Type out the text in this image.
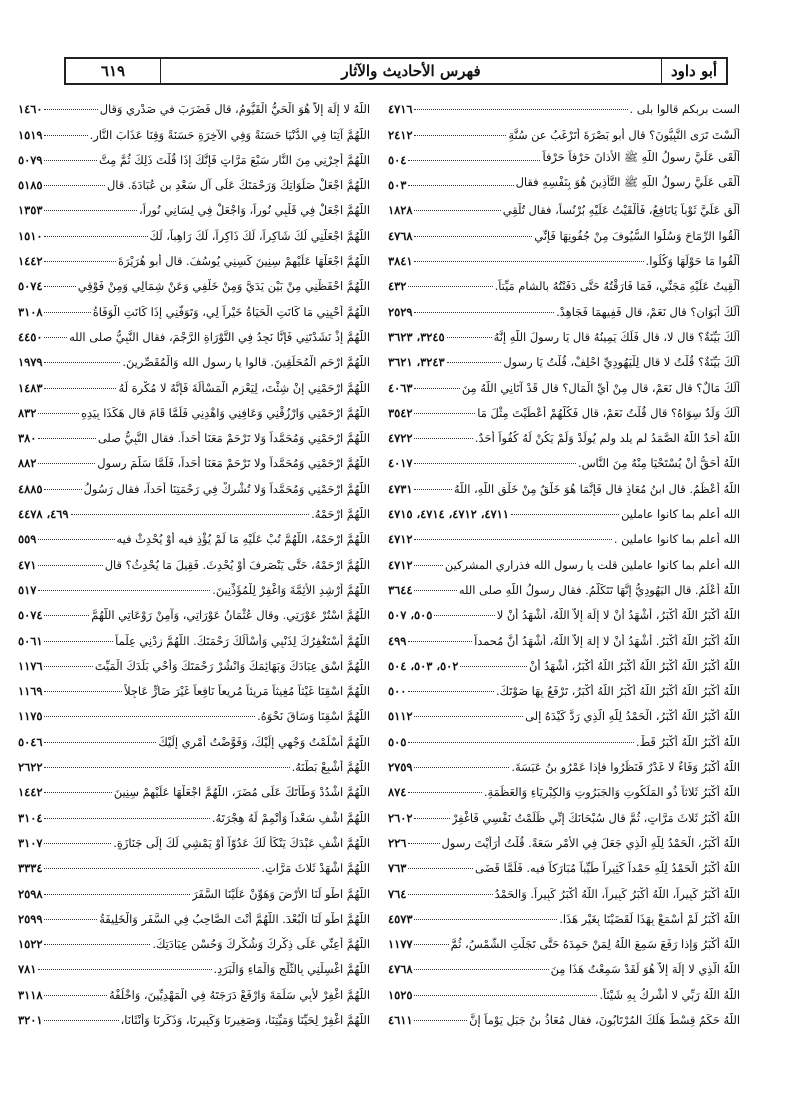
أبو داود
فهرس الأحاديث والآثار
٦١٩
الست بربكم قالوا بلى .
٤٧١٦
أَلَسْتَ تَرَى النَّبِيُّونَ؟ قال أبو بَصْرَةَ أَتَرْغَبُ عن سُنَّةِ
٢٤١٢
أَلْقَى عَلَيَّ رسولُ اللَّهِ ﷺ الأذانَ حَرْفاً حَرْفاً
٥٠٤
أَلْقَى عَلَيَّ رسولُ اللَّهِ ﷺ التَّأْذِينَ هُوَ بِنَفْسِهِ فقال
٥٠٣
أَلْقِ عَلَيَّ ثَوْباً يَانَافِعُ، فَأَلْقَيْتُ عَلَيْهِ بُرْنُساً، فقال تُلْقِي
١٨٢٨
أَلْقُوا الرِّمَاحَ وَسُلُّوا السُّيُوفَ مِنْ جُفُونِهَا فَإِنِّي
٤٧٦٨
أَلْقُوا مَا حَوْلَهَا وَكُلُوا.
٣٨٤١
أَلْقِيتُ عَلَيْهِ مَجَنِّي، فَمَا فَارَقْتُهُ حَتَّى دَفَنْتُهُ بالشام مَيِّتاً.
٤٣٢
أَلَكَ أَبَوَانِ؟ قال نَعَمْ، قال فَفِيهِمَا فَجَاهِدْ.
٢٥٢٩
أَلَكَ بَيِّنَةٌ؟ قال لا، قال فَلَكَ يَمِينُهُ قال يَا رسولَ اللَّهِ إِنَّهُ
٣٢٤٥، ٣٦٢٣
أَلَكَ بَيِّنَةٌ؟ قُلْتُ لا قال لِلْيَهُودِيِّ احْلِفْ، قُلْتُ يَا رسول
٣٢٤٣، ٣٦٢١
أَلَكَ مَالٌ؟ قال نَعَمْ، قال مِنْ أَيِّ الْمَالِ؟ قال قَدْ آتَانِي اللَّهُ مِنَ
٤٠٦٣
أَلَكَ وَلَدٌ سِوَاهُ؟ قال قُلْتُ نَعَمْ، قال فَكُلَّهُمْ أَعْطَيْتَ مِثْلَ مَا
٣٥٤٢
اللَّهُ أَحَدٌ اللَّهُ الصَّمَدُ لم يلد ولم يُولَدْ وَلَمْ يَكُنْ لَهُ كُفُواً أَحَدٌ.
٤٧٢٢
اللَّهُ أَحَقُّ أَنْ يُسْتَحْيَا مِنْهُ مِنَ النَّاسِ.
٤٠١٧
اللَّهُ أَعْظَمُ. قال ابنُ مُعَاذٍ قال فَإِنَّمَا هُوَ خَلْقٌ مِنْ خَلْقِ اللَّهِ، اللَّهُ
٤٧٣١
الله أعلم بما كانوا عاملين
٤٧١١، ٤٧١٢، ٤٧١٤، ٤٧١٥
الله أعلم بما كانوا عاملين .
٤٧١٢
الله أعلم بما كانوا عاملين قلت يا رسول الله فذراري المشركين
٤٧١٢
اللَّهُ أَعْلَمُ. قال اليَهُودِيُّ إِنَّهَا تَتَكَلَّمُ. فقال رسولُ اللَّهِ صلى الله
٣٦٤٤
اللَّهُ أَكْبَرُ اللَّهُ أَكْبَرُ، أَشْهَدُ أَنْ لا إِلَهَ إِلاَّ اللَّهُ، أَشْهَدُ أَنْ لا
٥٠٥، ٥٠٧
اللَّهُ أَكْبَرُ اللَّهُ أَكْبَرُ. أَشْهَدُ أَنْ لا إِلهَ إِلاَّ اللَّهُ، أَشْهَدُ أَنَّ مُحمداً
٤٩٩
اللَّهُ أَكْبَرُ اللَّهُ أَكْبَرُ اللَّهُ أَكْبَرُ اللَّهُ أَكْبَرُ، أَشْهَدُ أَنْ
٥٠٢، ٥٠٣، ٥٠٤
اللَّهُ أَكْبَرُ اللَّهُ أَكْبَرُ اللَّهُ أَكْبَرُ اللَّهُ أَكْبَرُ، تَرْفَعُ بِهَا صَوْتَكَ.
٥٠٠
اللَّهُ أَكْبَرُ اللَّهُ أَكْبَرُ، الْحَمْدُ لِلَّهِ الَّذِي رَدَّ كَيْدَهُ إِلى
٥١١٢
اللَّهُ أَكْبَرُ اللَّهُ أَكْبَرُ قَطْ.
٥٠٥
اللَّهُ أَكْبَرُ وَفَاءٌ لا غَدْرٌ فَنَظَرُوا فإذا عَمْرُو بنُ عَبَسَةَ.
٢٧٥٩
اللَّهُ أَكْبَرُ ثَلاثاً ذُو المَلَكُوتِ وَالجَبَرُوتِ وَالكِبْرِيَاءِ وَالعَظَمَةِ.
٨٧٤
اللَّهُ أَكْبَرُ ثَلاثَ مَرَّاتٍ، ثُمَّ قال سُبْحَانَكَ إِنِّي ظَلَمْتُ نَفْسِي فَاغْفِرْ
٢٦٠٢
اللَّهُ أَكْبَرُ، الْحَمْدُ لِلَّهِ الَّذِي جَعَلَ فِي الأَمْرِ سَعَةً. قُلْتُ أَرَأَيْتَ رسول
٢٢٦
اللَّهُ أَكْبَرُ الْحَمْدُ لِلَّهِ حَمْداً كَثِيراً طَيِّباً مُبَارَكاً فيه. فَلَمَّا قَضَى
٧٦٣
اللَّهُ أَكْبَرُ كَبِيراً، اللَّهُ أَكْبَرُ كَبِيراً، اللَّهُ أَكْبَرُ كَبِيراً. وَالحَمْدُ
٧٦٤
اللَّهُ أَكْبَرُ لَمْ أَسْمَعْ بِهَذَا لَقَضَيْنَا بِغَيْرِ هَذَا.
٤٥٧٣
اللَّهُ أَكْبَرُ وَإذا رَفَعَ سَمِعَ اللَّهُ لِمَنْ حَمِدَهُ حَتَّى تَجَلَّتِ الشَّمْسُ، ثُمَّ
١١٧٧
اللَّهُ الَّذِي لا إِلَهَ إِلاَّ هُوَ لَقَدْ سَمِعْتُ هَذَا مِنَ
٤٧٦٨
اللَّهُ اللَّهُ رَبِّي لا أُشْرِكُ بِهِ شَيْئاً.
١٥٢٥
اللَّهُ حَكَمٌ قِسْطٌ هَلَكَ المُرْتَابُونَ، فقال مُعَاذُ بنُ جَبَلٍ يَوْماً إِنَّ
٤٦١١
اللَّهُ لا إِلَهَ إِلاَّ هُوَ الْحَيُّ الْقَيُّومُ، قال فَضَرَبَ في صَدْرِي وَقال
١٤٦٠
اللَّهُمَّ آتِنَا فِي الدُّنْيَا حَسَنَةً وَفِي الآخِرَةِ حَسَنَةً وَقِنَا عَذَابَ النَّارِ.
١٥١٩
اللَّهُمَّ أَجِرْنِي مِنَ النَّارِ سَبْعَ مَرَّاتٍ فَإِنَّكَ إِذَا قُلْتَ ذَلِكَ ثُمَّ مِتَّ
٥٠٧٩
اللَّهُمَّ اجْعَلْ صَلَوَاتِكَ وَرَحْمَتَكَ عَلَى آلِ سَعْدِ بنِ عُبَادَةَ. قال
٥١٨٥
اللَّهُمَّ اجْعَلْ فِي قَلْبِي نُوراً، وَاجْعَلْ فِي لِسَانِي نُوراً،
١٣٥٣
اللَّهُمَّ اجْعَلْنِي لَكَ شَاكِراً، لَكَ ذَاكِراً، لَكَ رَاهِباً، لَكَ
١٥١٠
اللَّهُمَّ اجْعَلْهَا عَلَيْهِمْ سِنِينَ كَسِنِي يُوسُفَ. قال أبو هُرَيْرَةَ
١٤٤٢
اللَّهُمَّ احْفَظْنِي مِنْ بَيْنِ يَدَيَّ وَمِنْ خَلْفِي وَعَنْ شِمَالِي وَمِنْ فَوْقِي
٥٠٧٤
اللَّهُمَّ أَحْيِنِي مَا كَانَتِ الْحَيَاةُ خَيْراً لِي، وَتَوَفَّنِي إِذَا كَانَتِ الْوَفَاةُ
٣١٠٨
اللَّهُمَّ إِذْ نَشَدْتَنِي فَإِنَّا نَجِدُ فِي التَّوْرَاةِ الرَّجْمَ، فقال النَّبِيُّ صلى الله
٤٤٥٠
اللَّهُمَّ ارْحَمِ الْمُحَلِّقِينَ. قالوا يا رسول الله وَالْمُقَصِّرِينَ.
١٩٧٩
اللَّهُمَّ ارْحَمْنِي إِنْ شِئْتَ، لِيَعْزِمِ الْمَسْأَلَةَ فَإِنَّهُ لا مُكْرِهَ لَهُ
١٤٨٣
اللَّهُمَّ ارْحَمْنِي وَارْزُقْنِي وَعَافِنِي وَاهْدِنِي فَلَمَّا قَامَ قال هَكَذَا بِيَدِهِ
٨٣٢
اللَّهُمَّ ارْحَمْنِي وَمُحَمَّداً وَلا تَرْحَمْ مَعَنَا أَحَداً. فقال النَّبِيُّ صلى
٣٨٠
اللَّهُمَّ ارْحَمْنِي وَمُحَمَّداً ولا تَرْحَمْ مَعَنَا أَحَداً، فَلَمَّا سَلَّمَ رسول
٨٨٢
اللَّهُمَّ ارْحَمْنِي وَمُحَمَّداً وَلا تُشْرِكْ فِي رَحْمَتِنَا أَحَداً، فقال رَسُولُ
٤٨٨٥
اللَّهُمَّ ارْحَمْهُ.
٤٦٩، ٤٤٧٨
اللَّهُمَّ ارْحَمْهُ، اللَّهُمَّ تُبْ عَلَيْهِ مَا لَمْ يُؤْذِ فيه أَوْ يُحْدِثْ فيه
٥٥٩
اللَّهُمَّ ارْحَمْهُ، حَتَّى يَنْصَرِفَ أَوْ يُحْدِثَ. فَقِيلَ مَا يُحْدِثُ؟ قال
٤٧١
اللَّهُمَّ أَرْشِدِ الأَئِمَّةَ وَاغْفِرْ لِلْمُؤَذِّنِينَ.
٥١٧
اللَّهُمَّ اسْتُرْ عَوْرَتِي. وقال عُثْمَانُ عَوْرَاتِي، وَآمِنْ رَوْعَاتِي اللَّهُمَّ
٥٠٧٤
اللَّهُمَّ أَسْتَغْفِرُكَ لِذَنْبِي وَأَسْأَلُكَ رَحْمَتَكَ. اللَّهُمَّ زِدْنِي عِلْماً
٥٠٦١
اللَّهُمَّ اسْقِ عِبَادَكَ وَبَهَائِمَكَ وَانْشُرْ رَحْمَتَكَ وَأَحْيِ بَلَدَكَ الْمَيِّتَ
١١٧٦
اللَّهُمَّ اسْقِنَا غَيْثاً مُغِيثاً مَرِيئاً مُرِيعاً نَافِعاً غَيْرَ ضَارٍّ عَاجِلاً
١١٦٩
اللَّهُمَّ اسْقِنَا وَسَاقَ نَحْوَهُ.
١١٧٥
اللَّهُمَّ أَسْلَمْتُ وَجْهِي إِلَيْكَ، وَفَوَّضْتُ أَمْرِي إِلَيْكَ
٥٠٤٦
اللَّهُمَّ أَشْبِعْ بَطْنَهُ.
٢٦٢٢
اللَّهُمَّ اشْدُدْ وَطْأَتَكَ عَلَى مُضَرَ، اللَّهُمَّ اجْعَلْهَا عَلَيْهِمْ سِنِينَ
١٤٤٢
اللَّهُمَّ اشْفِ سَعْداً وَأَتْمِمْ لَهُ هِجْرَتَهُ.
٣١٠٤
اللَّهُمَّ اشْفِ عَبْدَكَ يَنْكَأُ لَكَ عَدُوّاً أَوْ يَمْشِي لَكَ إِلَى جَنَازَةٍ.
٣١٠٧
اللَّهُمَّ اشْهَدْ ثَلاثَ مَرَّاتٍ.
٣٣٣٤
اللَّهُمَّ اطْوِ لَنَا الأَرْضَ وَهَوِّنْ عَلَيْنَا السَّفَرَ
٢٥٩٨
اللَّهُمَّ اطْوِ لَنَا الْبُعْدَ. اللَّهُمَّ أَنْتَ الصَّاحِبُ فِي السَّفَرِ وَالْخَلِيفَةُ
٢٥٩٩
اللَّهُمَّ أَعِنِّي عَلَى ذِكْرِكَ وَشُكْرِكَ وَحُسْنِ عِبَادَتِكَ.
١٥٢٢
اللَّهُمَّ اغْسِلْنِي بِالثَّلْجِ وَالْمَاءِ وَالْبَرَدِ.
٧٨١
اللَّهُمَّ اغْفِرْ لأَبِي سَلَمَةَ وَارْفَعْ دَرَجَتَهُ فِي الْمَهْدِيِّينَ، وَاخْلُفْهُ
٣١١٨
اللَّهُمَّ اغْفِرْ لِحَيِّنَا وَمَيِّتِنَا، وَصَغِيرِنَا وَكَبِيرِنَا، وَذَكَرِنَا وَأُنْثَانَا،
٣٢٠١
